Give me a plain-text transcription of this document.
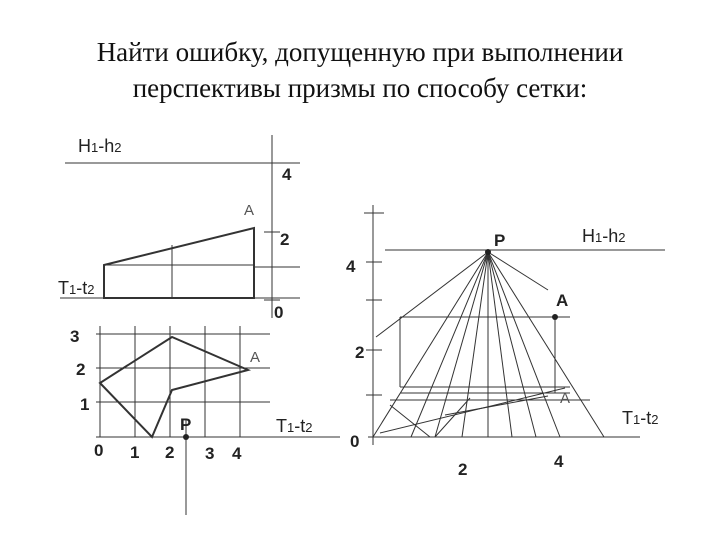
Найти ошибку, допущенную при выполнении
перспективы призмы по способу сетки:
H1-h2
4
A
2
T1-t2
0
3
2
1
A
T1-t2
P
0 1 2 3 4
P	H1-h2
4
A
2
A
T1-t2
0
2	4
